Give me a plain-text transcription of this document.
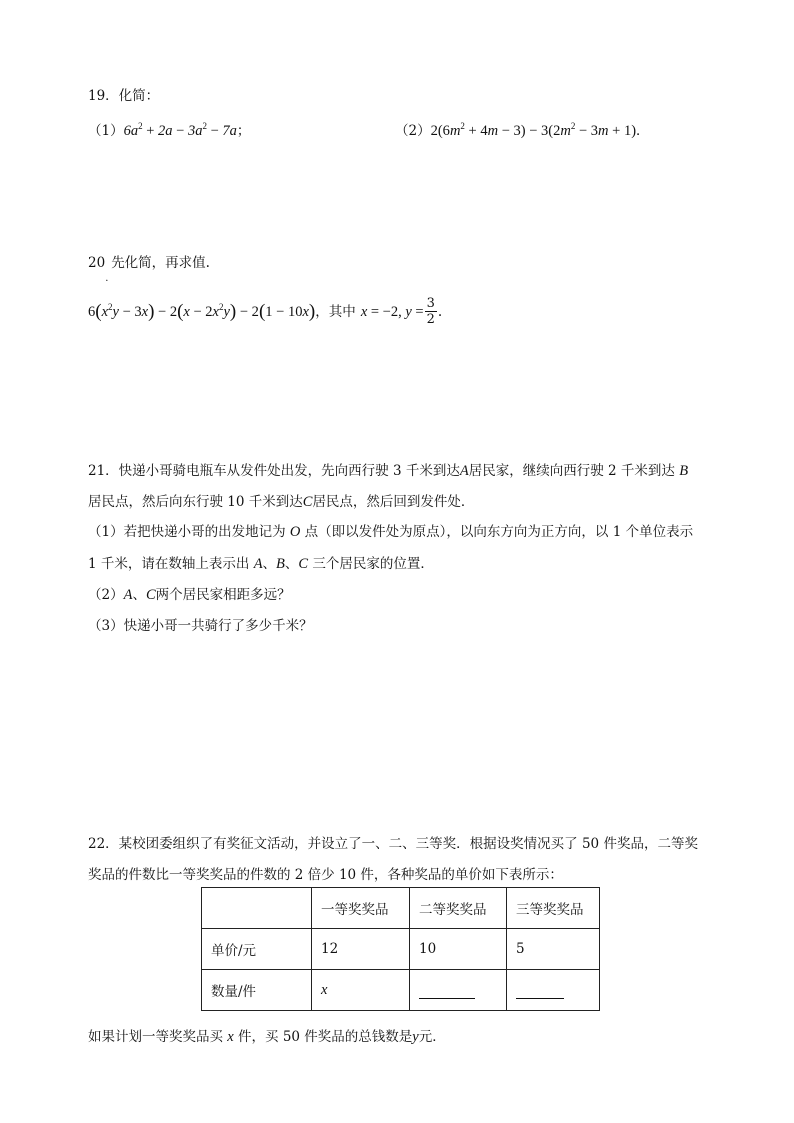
19．化简：
$(1)6a^2 + 2a - 3a^2 - 7a$；	$(2)2(6m^2 + 4m - 3) - 3(2m^2 - 3m + 1)$．
20
.
先化简，再求值.
$6(x^2y - 3x) - 2(x - 2x^2y) - 2(1 - 10x)$，其中 x = −2, $y = \frac{3}{2}$ .
21．快递小哥骑电瓶车从发件处出发，先向西行驶 3 千米到达A居民家，继续向西行驶 2 千米到达 B
居民点，然后向东行驶 10 千米到达C居民点，然后回到发件处．
（1）若把快递小哥的出发地记为 O 点（即以发件处为原点），以向东方向为正方向，以 1 个单位表示
1 千米，请在数轴上表示出 A、B、C 三个居民家的位置．
（2）A、C两个居民家相距多远？
（3）快递小哥一共骑行了多少千米？
22．某校团委组织了有奖征文活动，并设立了一、二、三等奖．根据设奖情况买了 50 件奖品，二等奖
奖品的件数比一等奖奖品的件数的 2 倍少 10 件，各种奖品的单价如下表所示：
	一等奖奖品	二等奖奖品	三等奖奖品
单价/元	12	10	5
数量/件	x		
如果计划一等奖奖品买 x 件，买 50 件奖品的总钱数是y元．
